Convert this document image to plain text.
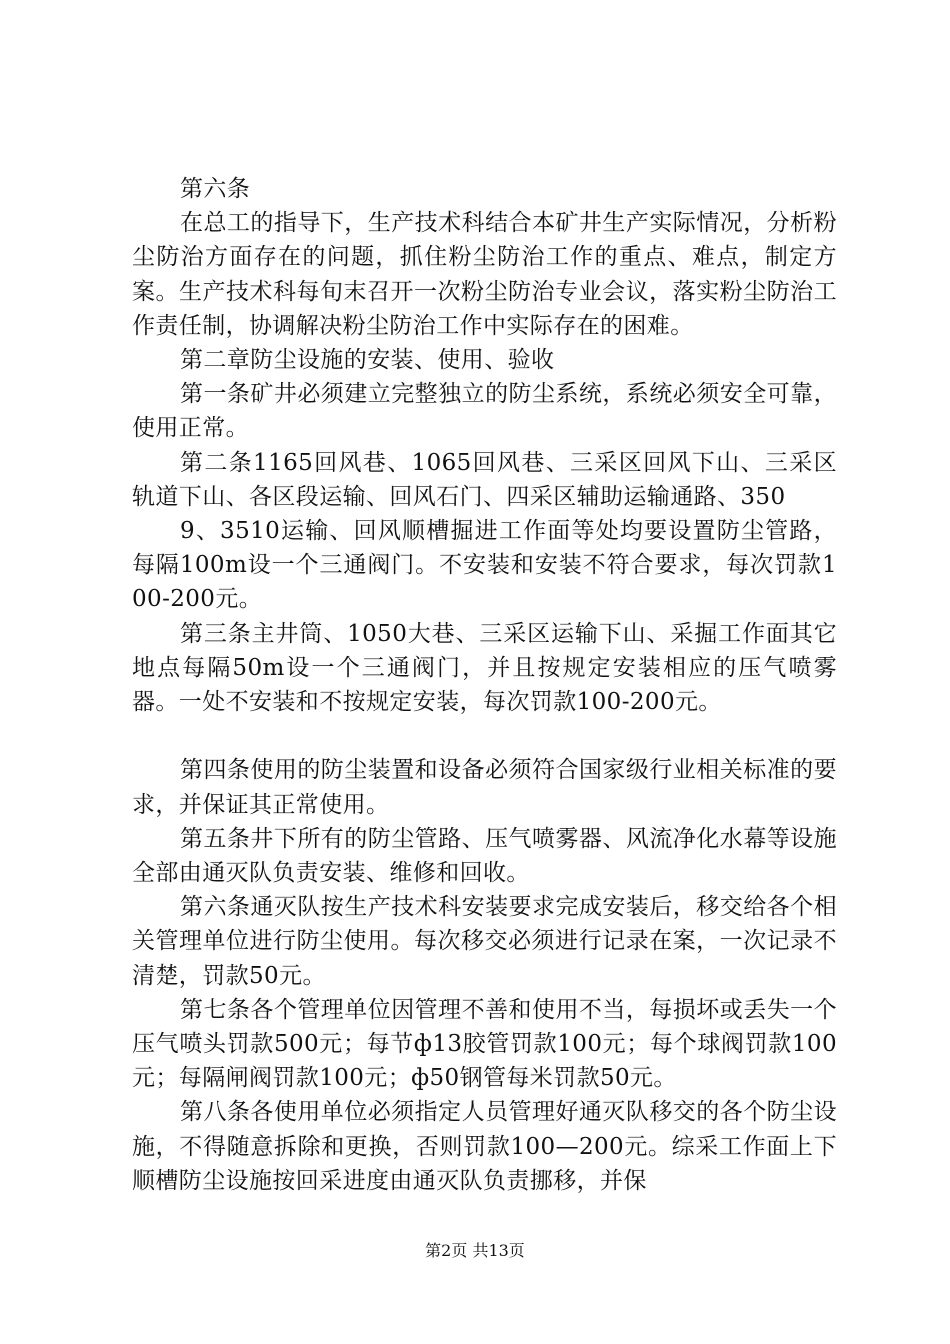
第六条

在总工的指导下，生产技术科结合本矿井生产实际情况，分析粉尘防治方面存在的问题，抓住粉尘防治工作的重点、难点，制定方案。生产技术科每旬末召开一次粉尘防治专业会议，落实粉尘防治工作责任制，协调解决粉尘防治工作中实际存在的困难。

第二章防尘设施的安装、使用、验收

第一条矿井必须建立完整独立的防尘系统，系统必须安全可靠，使用正常。

第二条1165回风巷、1065回风巷、三采区回风下山、三采区轨道下山、各区段运输、回风石门、四采区辅助运输通路、350

9、3510运输、回风顺槽掘进工作面等处均要设置防尘管路，每隔100m设一个三通阀门。不安装和安装不符合要求，每次罚款100-200元。

第三条主井筒、1050大巷、三采区运输下山、采掘工作面其它地点每隔50m设一个三通阀门，并且按规定安装相应的压气喷雾器。一处不安装和不按规定安装，每次罚款100-200元。

第四条使用的防尘装置和设备必须符合国家级行业相关标准的要求，并保证其正常使用。

第五条井下所有的防尘管路、压气喷雾器、风流净化水幕等设施全部由通灭队负责安装、维修和回收。

第六条通灭队按生产技术科安装要求完成安装后，移交给各个相关管理单位进行防尘使用。每次移交必须进行记录在案，一次记录不清楚，罚款50元。

第七条各个管理单位因管理不善和使用不当，每损坏或丢失一个压气喷头罚款500元；每节ф13胶管罚款100元；每个球阀罚款100元；每隔闸阀罚款100元；ф50钢管每米罚款50元。

第八条各使用单位必须指定人员管理好通灭队移交的各个防尘设施，不得随意拆除和更换，否则罚款100—200元。综采工作面上下顺槽防尘设施按回采进度由通灭队负责挪移，并保

第2页 共13页
